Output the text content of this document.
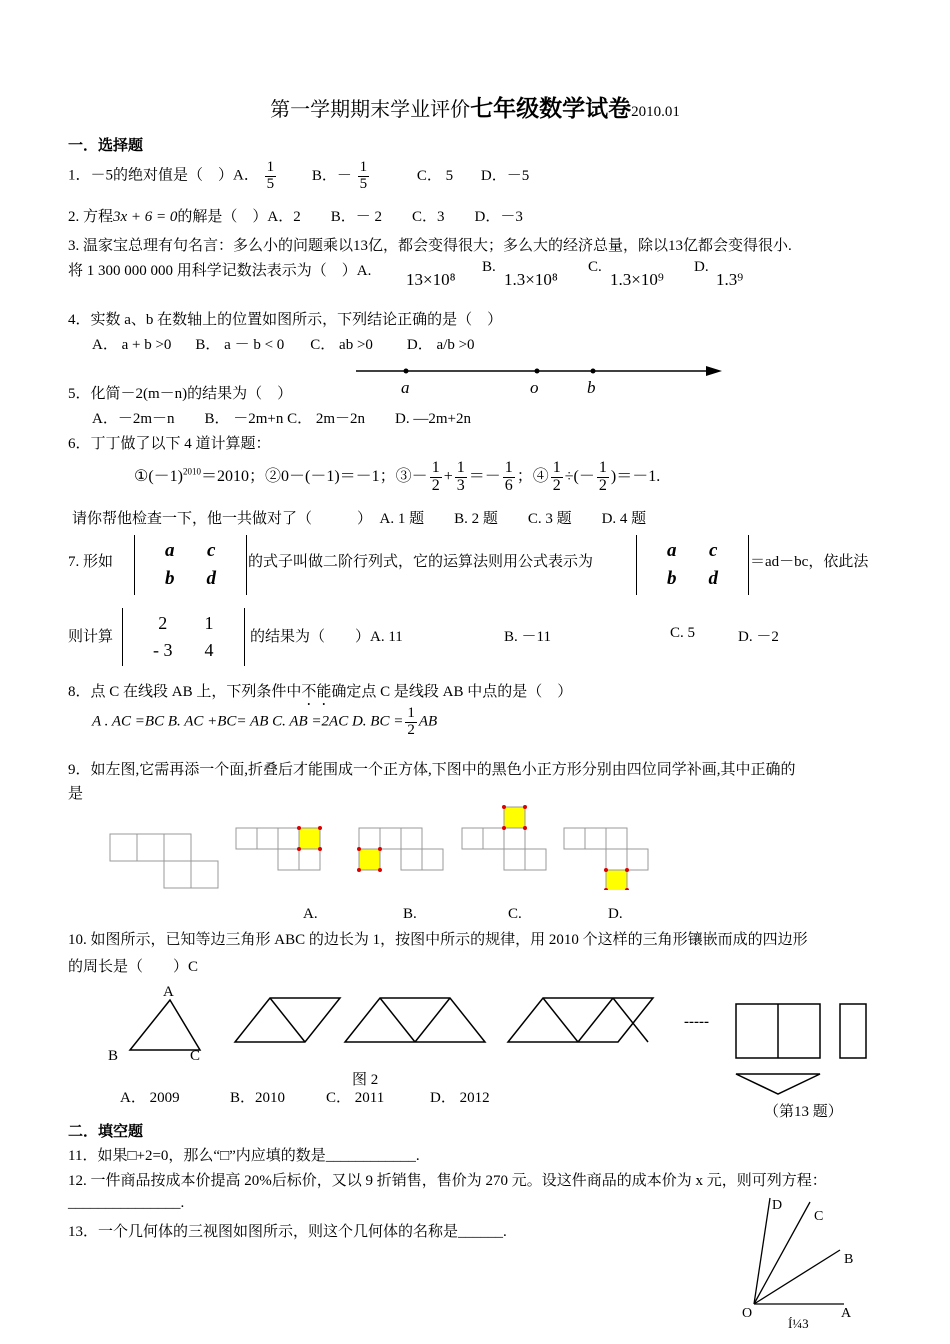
第一学期期末学业评价七年级数学试卷2010.01
一．选择题
1．－5的绝对值是（　）A． $\frac{1}{5}$ B．－ $\frac{1}{5}$	C． 5 D．－5
2. 方程3x + 6 = 0的解是（　）A．2　　B．－ 2　　C．3　　D．－3
3. 温家宝总理有句名言：多么小的问题乘以13亿，都会变得很大；多么大的经济总量，除以13亿都会变得很小.
将 1 300 000 000 用科学记数法表示为（　）A. 13×10⁸
B.
1.3×10⁸
C.
1.3×10⁹
D.
1.3⁹
4．实数 a、b 在数轴上的位置如图所示，下列结论正确的是（　）
A． a + b >0 B． a － b < 0 C． ab >0 D． a/b >0
a	o	b
5．化简－2(m－n)的结果为（　）
A．－2m－n　　B． －2m+n C． 2m－2n　　D. —2m+2n
6．丁丁做了以下 4 道计算题：
$①(-1)^{2010}=2010$；②0－(－1)＝－1；③－ $\frac{1}{2} + \frac{1}{3} =- \frac{1}{6}$ ；④ $\frac{1}{2}$ ÷(－ $\frac{1}{2} )=-1$.
请你帮他检查一下，他一共做对了（　　　）　A. 1 题　　B. 2 题　　C. 3 题　　D. 4 题
7. 形如
a	c
b	d
的式子叫做二阶行列式，它的运算法则用公式表示为
a	c
b	d
＝ad－bc，依此法
则计算
2	1
- 3	4
的结果为（　　）A. 11	B. －11	C. 5	D. －2
8．点 C 在线段 AB 上，下列条件中不能确定点 C 是线段 AB 中点的是（　）
A . AC =BC B. AC +BC= AB C. AB =2AC D. BC = $\frac{1}{2}$ AB
9．如左图,它需再添一个面,折叠后才能围成一个正方体,下图中的黑色小正方形分别由四位同学补画,其中正确的
是
A.	B.	C.	D.
10. 如图所示，已知等边三角形 ABC 的边长为 1，按图中所示的规律，用 2010 个这样的三角形镶嵌而成的四边形
的周长是（　　）C
A
B	C
-----
图 2
A． 2009	B．2010	C． 2011	D． 2012
（第13 题）
二．填空题
11．如果□+2=0，那么“□”内应填的数是____________.
12. 一件商品按成本价提高 20%后标价，又以 9 折销售，售价为 270 元。设这件商品的成本价为 x 元，则可列方程：
_______________.
13．一个几何体的三视图如图所示，则这个几何体的名称是______.
D
C
B
O	A
Í¼3
